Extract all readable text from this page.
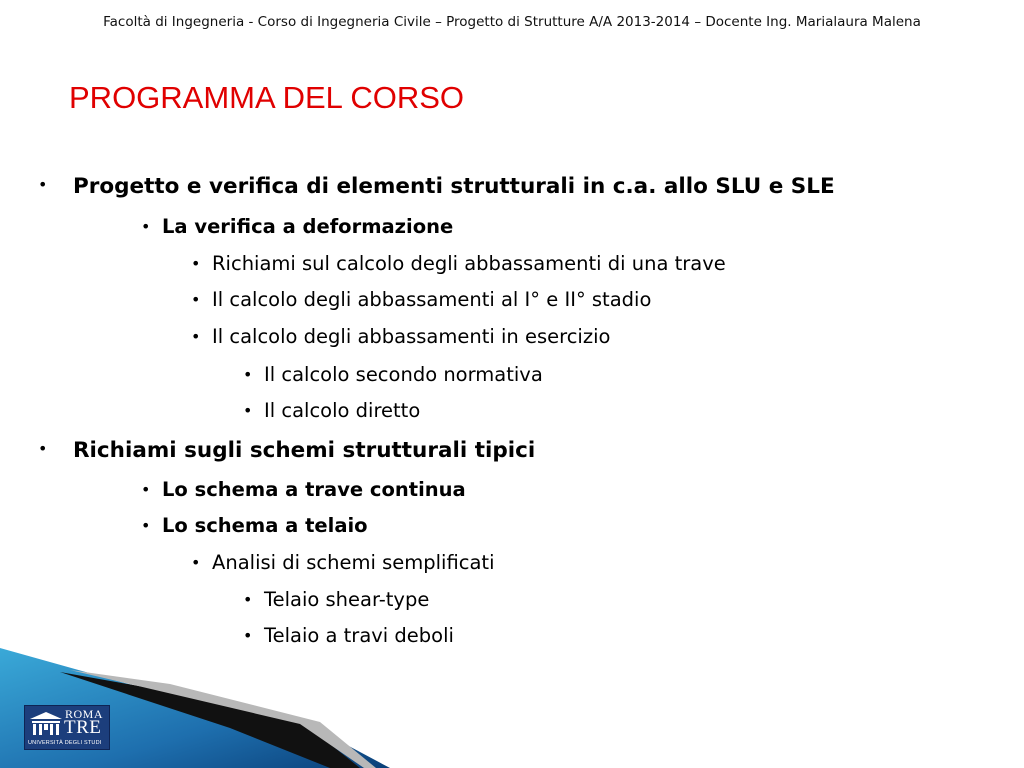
Facoltà di Ingegneria - Corso di Ingegneria Civile – Progetto di Strutture A/A 2013-2014 – Docente Ing. Marialaura Malena
PROGRAMMA DEL CORSO
• Progetto e verifica di elementi strutturali in c.a. allo SLU e SLE
• La verifica a deformazione
• Richiami sul calcolo degli abbassamenti di una trave
• Il calcolo degli abbassamenti al I° e II° stadio
• Il calcolo degli abbassamenti in esercizio
• Il calcolo secondo normativa
• Il calcolo diretto
• Richiami sugli schemi strutturali tipici
• Lo schema a trave continua
• Lo schema a telaio
• Analisi di schemi semplificati
• Telaio shear-type
• Telaio a travi deboli
ROMA
TRE
UNIVERSITÀ DEGLI STUDI
